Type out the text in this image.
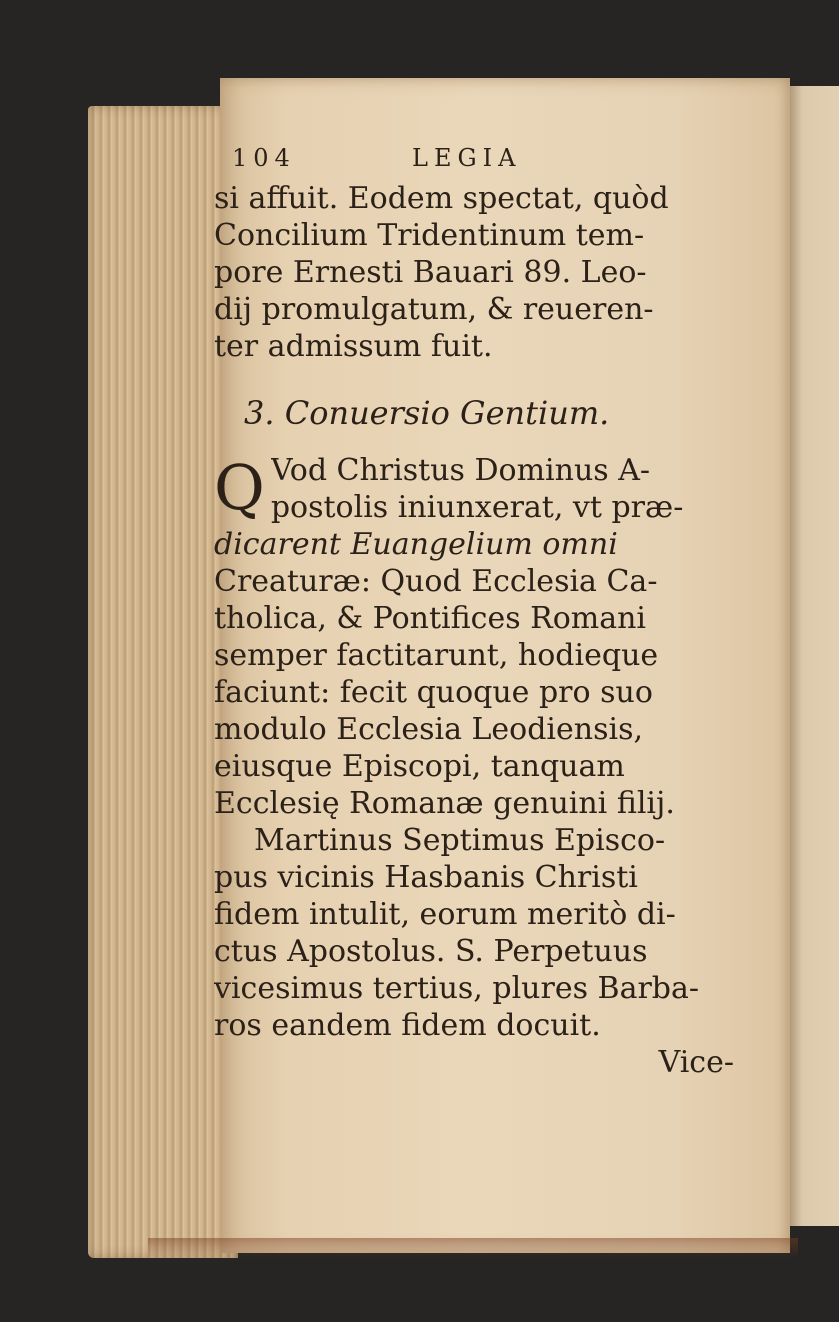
104	LEGIA
si affuit. Eodem spectat, quòd
Concilium Tridentinum tem-
pore Ernesti Bauari 89. Leo-
dij promulgatum, & reueren-
ter admissum fuit.
3. Conuersio Gentium.
Q Vod Christus Dominus A-
postolis iniunxerat, vt præ-
dicarent Euangelium omni
Creaturæ: Quod Ecclesia Ca-
tholica, & Pontifices Romani
semper factitarunt, hodieque
faciunt: fecit quoque pro suo
modulo Ecclesia Leodiensis,
eiusque Episcopi, tanquam
Ecclesię Romanæ genuini filij.
Martinus Septimus Episco-
pus vicinis Hasbanis Christi
fidem intulit, eorum meritò di-
ctus Apostolus. S. Perpetuus
vicesimus tertius, plures Barba-
ros eandem fidem docuit.
Vice-
